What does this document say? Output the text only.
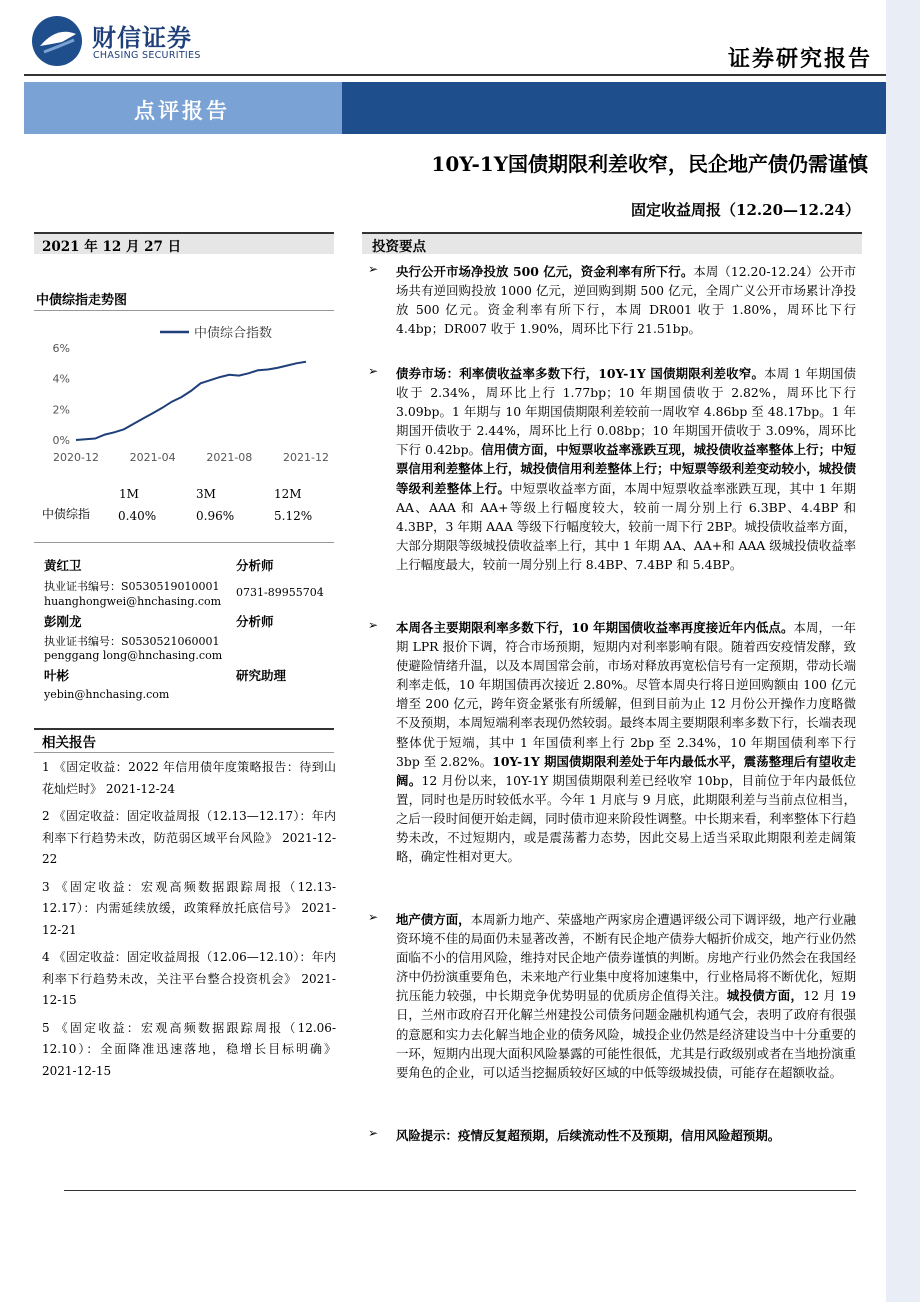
财信证券
CHASING SECURITIES	证券研究报告
点评报告
10Y-1Y国债期限利差收窄，民企地产债仍需谨慎
固定收益周报（12.20—12.24）
2021 年 12 月 27 日
中债综指走势图
中债综合指数
0%
2%
4%
6%
2020-12	2021-04	2021-08	2021-12
1M	3M	12M
中债综指 0.40%	0.96%	5.12%
黄红卫	分析师
执业证书编号：S0530519010001
huanghongwei@hnchasing.com
0731-89955704
彭刚龙	分析师
执业证书编号：S0530521060001
penggang long@hnchasing.com
叶彬	研究助理
yebin@hnchasing.com
相关报告
1 《固定收益：2022 年信用债年度策略报告：待到山花灿烂时》 2021-12-24
2 《固定收益：固定收益周报（12.13—12.17）：年内利率下行趋势未改，防范弱区域平台风险》 2021-12-22
3 《固定收益：宏观高频数据跟踪周报（12.13-12.17）：内需延续放缓，政策释放托底信号》 2021-12-21
4 《固定收益：固定收益周报（12.06—12.10）：年内利率下行趋势未改，关注平台整合投资机会》 2021-12-15
5 《固定收益：宏观高频数据跟踪周报（12.06-12.10）：全面降准迅速落地，稳增长目标明确》 2021-12-15
投资要点
➢	央行公开市场净投放 500 亿元，资金利率有所下行。本周（12.20-12.24）公开市场共有逆回购投放 1000 亿元，逆回购到期 500 亿元，全周广义公开市场累计净投放 500 亿元。资金利率有所下行，本周 DR001 收于 1.80%，周环比下行 4.4bp；DR007 收于 1.90%，周环比下行 21.51bp。
➢	债券市场：利率债收益率多数下行，10Y-1Y 国债期限利差收窄。本周 1 年期国债收于 2.34%，周环比上行 1.77bp；10 年期国债收于 2.82%，周环比下行 3.09bp。1 年期与 10 年期国债期限利差较前一周收窄 4.86bp 至 48.17bp。1 年期国开债收于 2.44%，周环比上行 0.08bp；10 年期国开债收于 3.09%，周环比下行 0.42bp。信用债方面，中短票收益率涨跌互现，城投债收益率整体上行；中短票信用利差整体上行，城投债信用利差整体上行；中短票等级利差变动较小，城投债等级利差整体上行。中短票收益率方面，本周中短票收益率涨跌互现，其中 1 年期 AA、AAA 和 AA+等级上行幅度较大，较前一周分别上行 6.3BP、4.4BP 和 4.3BP，3 年期 AAA 等级下行幅度较大，较前一周下行 2BP。城投债收益率方面，大部分期限等级城投债收益率上行，其中 1 年期 AA、AA+和 AAA 级城投债收益率上行幅度最大，较前一周分别上行 8.4BP、7.4BP 和 5.4BP。
➢	本周各主要期限利率多数下行，10 年期国债收益率再度接近年内低点。本周，一年期 LPR 报价下调，符合市场预期，短期内对利率影响有限。随着西安疫情发酵，致使避险情绪升温，以及本周国常会前，市场对释放再宽松信号有一定预期，带动长端利率走低，10 年期国债再次接近 2.80%。尽管本周央行将日逆回购额由 100 亿元增至 200 亿元，跨年资金紧张有所缓解，但到目前为止 12 月份公开操作力度略微不及预期，本周短端利率表现仍然较弱。最终本周主要期限利率多数下行，长端表现整体优于短端，其中 1 年国债利率上行 2bp 至 2.34%，10 年期国债利率下行 3bp 至 2.82%。10Y-1Y 期国债期限利差处于年内最低水平，震荡整理后有望收走阔。12 月份以来，10Y-1Y 期国债期限利差已经收窄 10bp，目前位于年内最低位置，同时也是历时较低水平。今年 1 月底与 9 月底，此期限利差与当前点位相当，之后一段时间便开始走阔，同时债市迎来阶段性调整。中长期来看，利率整体下行趋势未改，不过短期内，或是震荡蓄力态势，因此交易上适当采取此期限利差走阔策略，确定性相对更大。
➢	地产债方面，本周新力地产、荣盛地产两家房企遭遇评级公司下调评级，地产行业融资环境不佳的局面仍未显著改善，不断有民企地产债券大幅折价成交，地产行业仍然面临不小的信用风险，维持对民企地产债券谨慎的判断。房地产行业仍然会在我国经济中仍扮演重要角色，未来地产行业集中度将加速集中，行业格局将不断优化，短期抗压能力较强，中长期竞争优势明显的优质房企值得关注。城投债方面，12 月 19 日，兰州市政府召开化解兰州建投公司债务问题金融机构通气会，表明了政府有很强的意愿和实力去化解当地企业的债务风险，城投企业仍然是经济建设当中十分重要的一环，短期内出现大面积风险暴露的可能性很低，尤其是行政级别或者在当地扮演重要角色的企业，可以适当挖掘质较好区域的中低等级城投债，可能存在超额收益。
➢	风险提示：疫情反复超预期，后续流动性不及预期，信用风险超预期。
